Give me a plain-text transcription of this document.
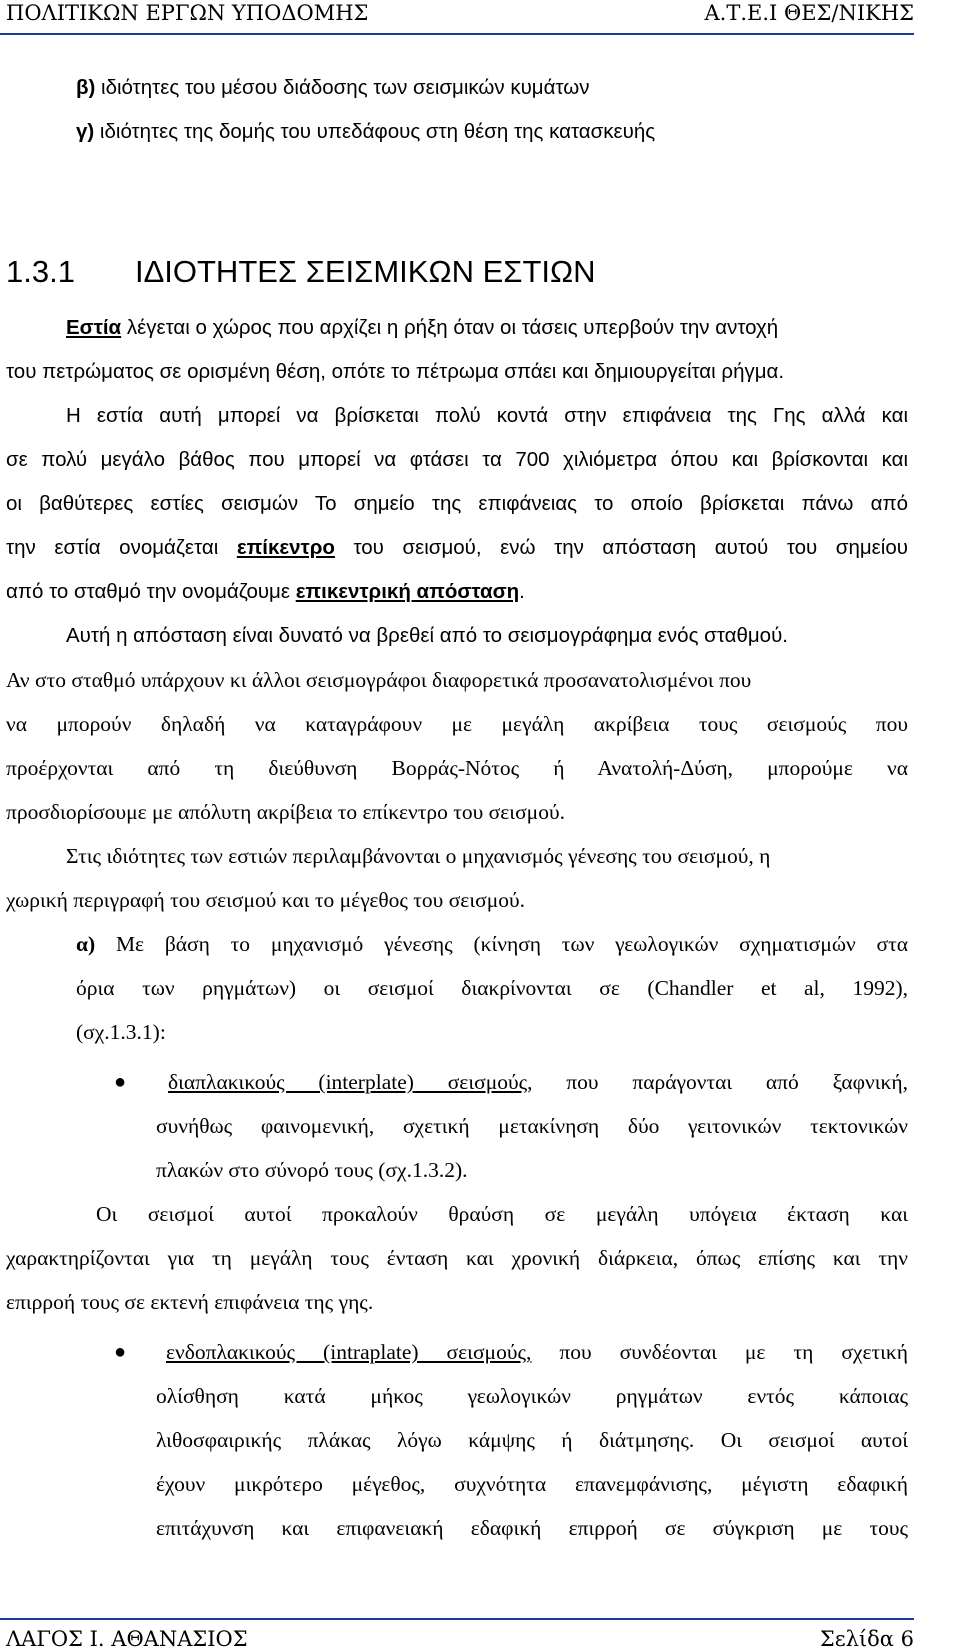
ΠΟΛΙΤΙΚΩΝ ΕΡΓΩΝ ΥΠΟΔΟΜΗΣ	Α.Τ.Ε.Ι ΘΕΣ/ΝΙΚΗΣ
β) ιδιότητες του μέσου διάδοσης των σεισμικών κυμάτων
γ) ιδιότητες της δομής του υπεδάφους στη θέση της κατασκευής
1.3.1 ΙΔΙΟΤΗΤΕΣ ΣΕΙΣΜΙΚΩΝ ΕΣΤΙΩΝ
Εστία λέγεται ο χώρος που αρχίζει η ρήξη όταν οι τάσεις υπερβούν την αντοχή
του πετρώματος σε ορισμένη θέση, οπότε το πέτρωμα σπάει και δημιουργείται ρήγμα.
Η εστία αυτή μπορεί να βρίσκεται πολύ κοντά στην επιφάνεια της Γης αλλά και
σε πολύ μεγάλο βάθος που μπορεί να φτάσει τα 700 χιλιόμετρα όπου και βρίσκονται και
οι βαθύτερες εστίες σεισμών Το σημείο της επιφάνειας το οποίο βρίσκεται πάνω από
την εστία ονομάζεται επίκεντρο του σεισμού, ενώ την απόσταση αυτού του σημείου
από το σταθμό την ονομάζουμε επικεντρική απόσταση.
Αυτή η απόσταση είναι δυνατό να βρεθεί από το σεισμογράφημα ενός σταθμού.
Αν στο σταθμό υπάρχουν κι άλλοι σεισμογράφοι διαφορετικά προσανατολισμένοι που
να μπορούν δηλαδή να καταγράφουν με μεγάλη ακρίβεια τους σεισμούς που
προέρχονται από τη διεύθυνση Βορράς-Νότος ή Ανατολή-Δύση, μπορούμε να
προσδιορίσουμε με απόλυτη ακρίβεια το επίκεντρο του σεισμού.
Στις ιδιότητες των εστιών περιλαμβάνονται ο μηχανισμός γένεσης του σεισμού, η
χωρική περιγραφή του σεισμού και το μέγεθος του σεισμού.
α) Με βάση το μηχανισμό γένεσης (κίνηση των γεωλογικών σχηματισμών στα
όρια των ρηγμάτων) οι σεισμοί διακρίνονται σε (Chandler et al, 1992),
(σχ.1.3.1):
●	διαπλακικούς (interplate) σεισμούς, που παράγονται από ξαφνική,
συνήθως φαινομενική, σχετική μετακίνηση δύο γειτονικών τεκτονικών
πλακών στο σύνορό τους (σχ.1.3.2).
Οι σεισμοί αυτοί προκαλούν θραύση σε μεγάλη υπόγεια έκταση και
χαρακτηρίζονται για τη μεγάλη τους ένταση και χρονική διάρκεια, όπως επίσης και την
επιρροή τους σε εκτενή επιφάνεια της γης.
●	ενδοπλακικούς (intraplate) σεισμούς, που συνδέονται με τη σχετική
ολίσθηση κατά μήκος γεωλογικών ρηγμάτων εντός κάποιας
λιθοσφαιρικής πλάκας λόγω κάμψης ή διάτμησης. Οι σεισμοί αυτοί
έχουν μικρότερο μέγεθος, συχνότητα επανεμφάνισης, μέγιστη εδαφική
επιτάχυνση και επιφανειακή εδαφική επιρροή σε σύγκριση με τους
ΛΑΓΟΣ Ι. ΑΘΑΝΑΣΙΟΣ	Σελίδα 6
